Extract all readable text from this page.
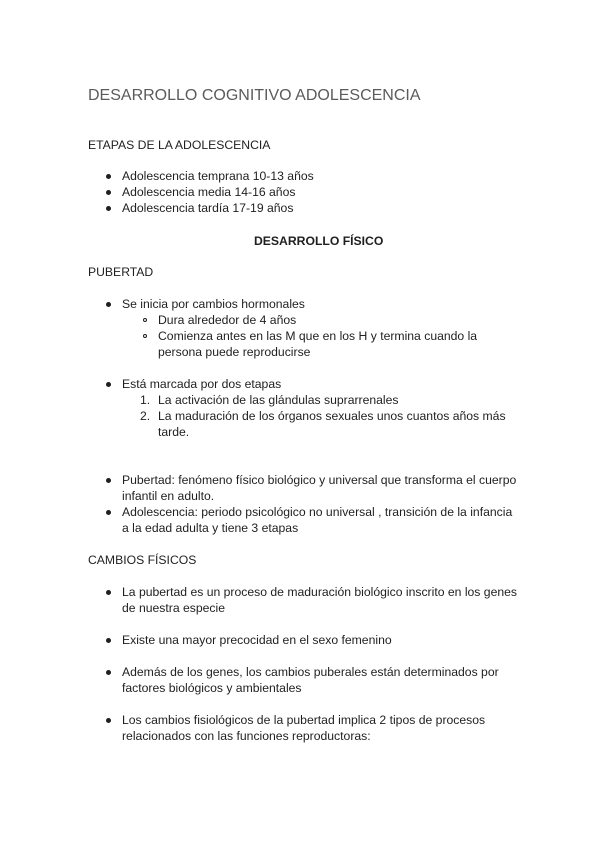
DESARROLLO COGNITIVO ADOLESCENCIA
ETAPAS DE LA ADOLESCENCIA
Adolescencia temprana 10-13 años
Adolescencia media 14-16 años
Adolescencia tardía 17-19 años
DESARROLLO FÍSICO
PUBERTAD
Se inicia por cambios hormonales
Dura alrededor de 4 años
Comienza antes en las M que en los H y termina cuando la
persona puede reproducirse
Está marcada por dos etapas
1. La activación de las glándulas suprarrenales
2. La maduración de los órganos sexuales unos cuantos años más
tarde.
Pubertad: fenómeno físico biológico y universal que transforma el cuerpo
infantil en adulto.
Adolescencia: periodo psicológico no universal , transición de la infancia
a la edad adulta y tiene 3 etapas
CAMBIOS FÍSICOS
La pubertad es un proceso de maduración biológico inscrito en los genes
de nuestra especie
Existe una mayor precocidad en el sexo femenino
Además de los genes, los cambios puberales están determinados por
factores biológicos y ambientales
Los cambios fisiológicos de la pubertad implica 2 tipos de procesos
relacionados con las funciones reproductoras:
